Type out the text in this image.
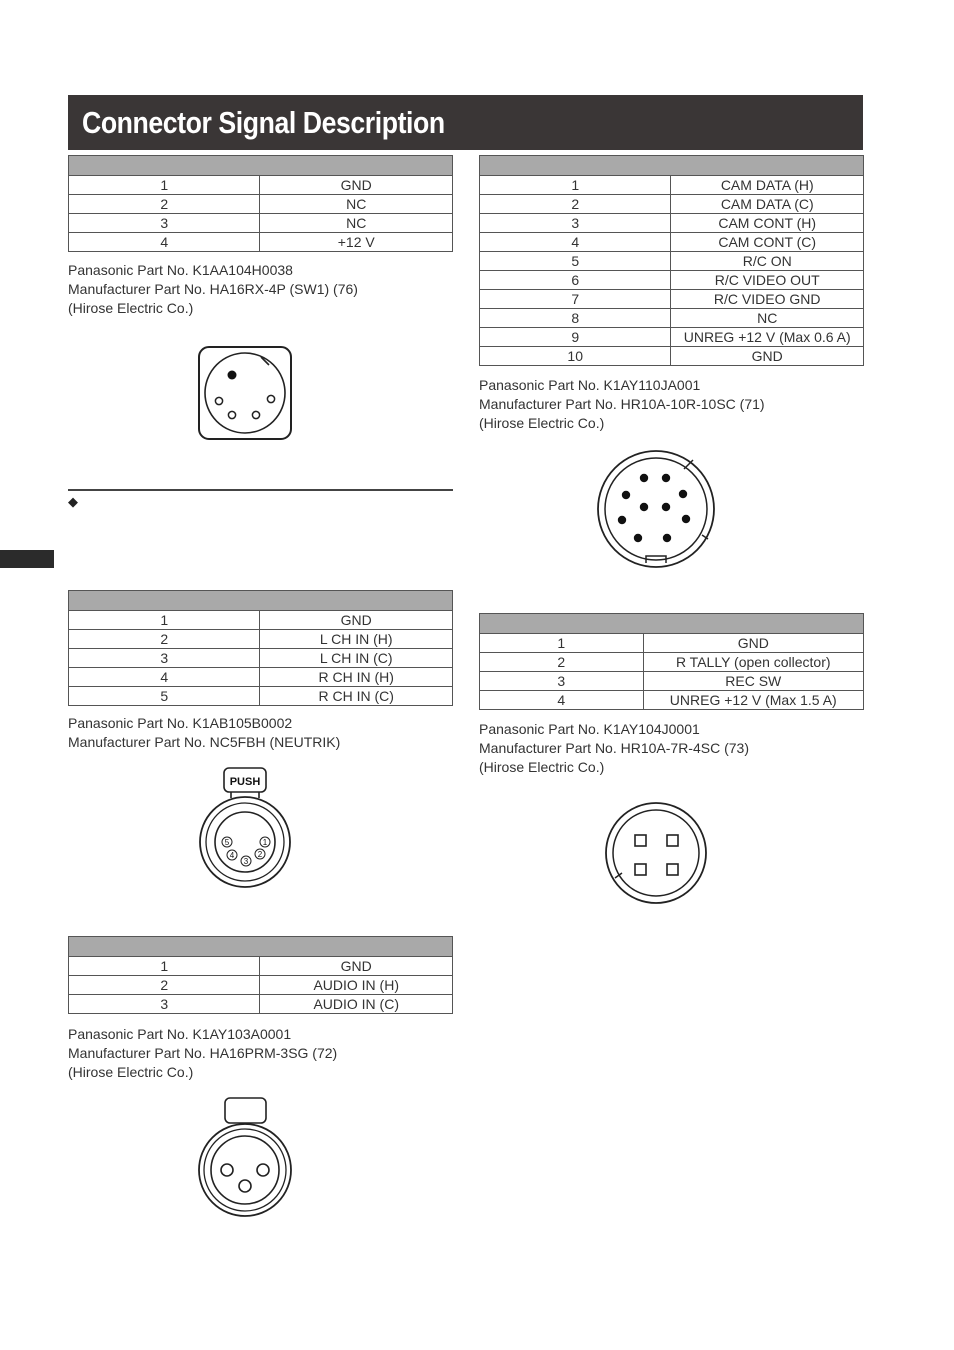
Connector Signal Description

1	GND
2	NC
3	NC
4	+12 V
Panasonic Part No. K1AA104H0038
Manufacturer Part No. HA16RX-4P (SW1) (76)
(Hirose Electric Co.)
◆

1	GND
2	L CH IN (H)
3	L CH IN (C)
4	R CH IN (H)
5	R CH IN (C)
Panasonic Part No. K1AB105B0002
Manufacturer Part No. NC5FBH (NEUTRIK)
PUSH
1
2
3
4
5

1	GND
2	AUDIO IN (H)
3	AUDIO IN (C)
Panasonic Part No. K1AY103A0001
Manufacturer Part No. HA16PRM-3SG (72)
(Hirose Electric Co.)

1	CAM DATA (H)
2	CAM DATA (C)
3	CAM CONT (H)
4	CAM CONT (C)
5	R/C ON
6	R/C VIDEO OUT
7	R/C VIDEO GND
8	NC
9	UNREG +12 V (Max 0.6 A)
10	GND
Panasonic Part No. K1AY110JA001
Manufacturer Part No. HR10A-10R-10SC (71)
(Hirose Electric Co.)

1	GND
2	R TALLY (open collector)
3	REC SW
4	UNREG +12 V (Max 1.5 A)
Panasonic Part No. K1AY104J0001
Manufacturer Part No. HR10A-7R-4SC (73)
(Hirose Electric Co.)
